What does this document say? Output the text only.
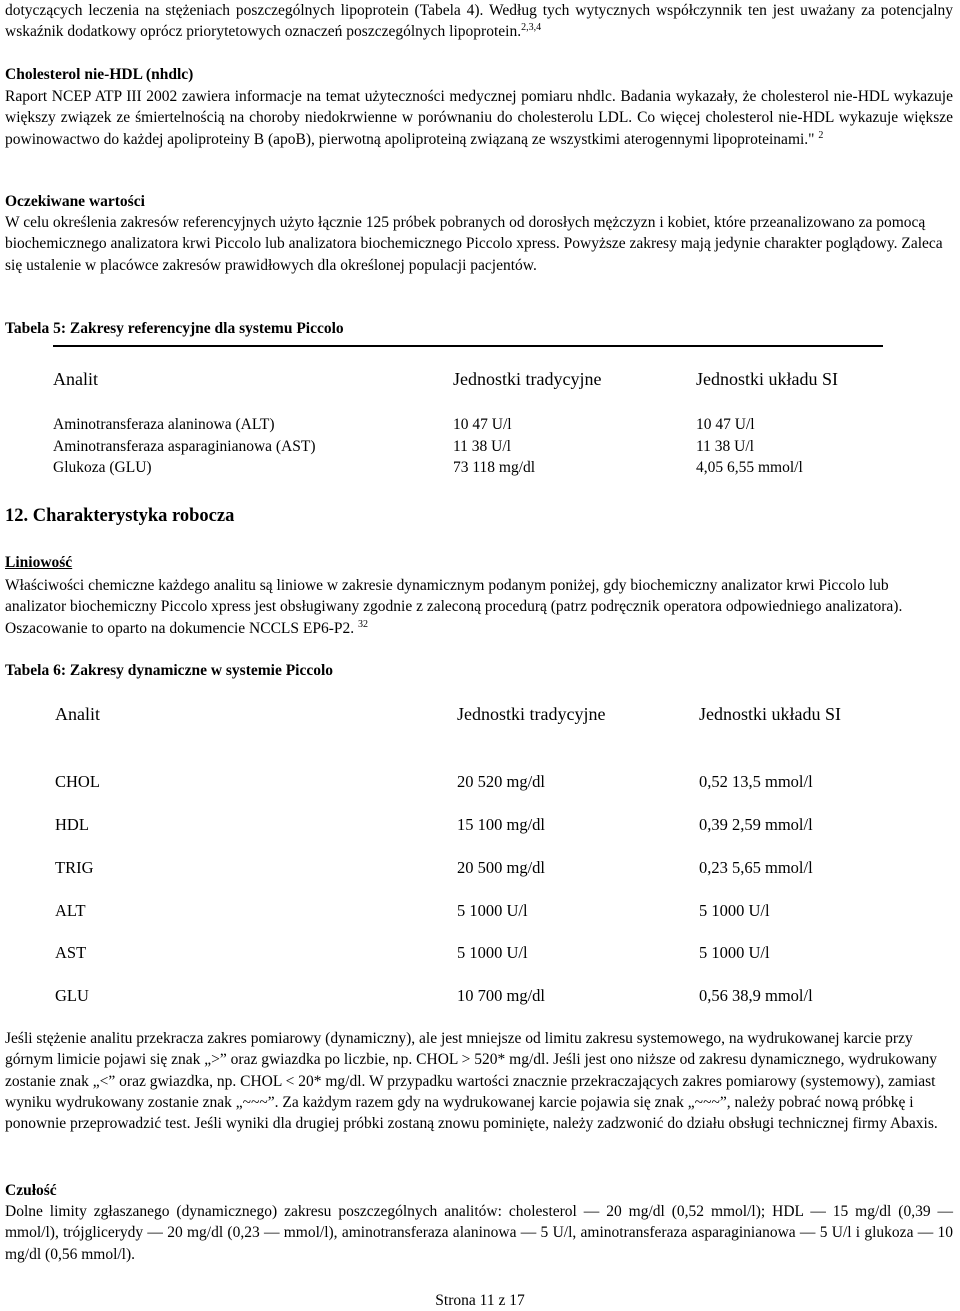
dotyczących leczenia na stężeniach poszczególnych lipoprotein (Tabela 4). Według tych wytycznych współczynnik ten jest uważany za potencjalny wskaźnik dodatkowy oprócz priorytetowych oznaczeń poszczególnych lipoprotein.$^{2,3,4}$

Cholesterol nie-HDL (nhdlc)

Raport NCEP ATP III 2002 zawiera informacje na temat użyteczności medycznej pomiaru nhdlc. Badania wykazały, że cholesterol nie-HDL wykazuje większy związek ze śmiertelnością na choroby niedokrwienne w porównaniu do cholesterolu LDL. Co więcej cholesterol nie-HDL wykazuje większe powinowactwo do każdej apoliproteiny B (apoB), pierwotną apoliproteiną związaną ze wszystkimi aterogennymi lipoproteinami." $^2$

Oczekiwane wartości

W celu określenia zakresów referencyjnych użyto łącznie 125 próbek pobranych od dorosłych mężczyzn i kobiet, które przeanalizowano za pomocą biochemicznego analizatora krwi Piccolo lub analizatora biochemicznego Piccolo xpress. Powyższe zakresy mają jedynie charakter poglądowy. Zaleca się ustalenie w placówce zakresów prawidłowych dla określonej populacji pacjentów.

Tabela 5: Zakresy referencyjne dla systemu Piccolo

Analit	Jednostki tradycyjne	Jednostki układu SI
Aminotransferaza alaninowa (ALT)	10 47 U/l	10 47 U/l
Aminotransferaza asparaginianowa (AST)	11 38 U/l	11 38 U/l
Glukoza (GLU)	73 118 mg/dl	4,05 6,55 mmol/l

12. Charakterystyka robocza

Liniowość

Właściwości chemiczne każdego analitu są liniowe w zakresie dynamicznym podanym poniżej, gdy biochemiczny analizator krwi Piccolo lub analizator biochemiczny Piccolo xpress jest obsługiwany zgodnie z zaleconą procedurą (patrz podręcznik operatora odpowiedniego analizatora). Oszacowanie to oparto na dokumencie NCCLS EP6-P2. $^{32}$

Tabela 6: Zakresy dynamiczne w systemie Piccolo

Analit	Jednostki tradycyjne	Jednostki układu SI
CHOL	20 520 mg/dl	0,52 13,5 mmol/l
HDL	15 100 mg/dl	0,39 2,59 mmol/l
TRIG	20 500 mg/dl	0,23 5,65 mmol/l
ALT	5 1000 U/l	5 1000 U/l
AST	5 1000 U/l	5 1000 U/l
GLU	10 700 mg/dl	0,56 38,9 mmol/l

Jeśli stężenie analitu przekracza zakres pomiarowy (dynamiczny), ale jest mniejsze od limitu zakresu systemowego, na wydrukowanej karcie przy górnym limicie pojawi się znak „>” oraz gwiazdka po liczbie, np. CHOL > 520* mg/dl. Jeśli jest ono niższe od zakresu dynamicznego, wydrukowany zostanie znak „<” oraz gwiazdka, np. CHOL < 20* mg/dl. W przypadku wartości znacznie przekraczających zakres pomiarowy (systemowy), zamiast wyniku wydrukowany zostanie znak „~~~”. Za każdym razem gdy na wydrukowanej karcie pojawia się znak „~~~”, należy pobrać nową próbkę i ponownie przeprowadzić test. Jeśli wyniki dla drugiej próbki zostaną znowu pominięte, należy zadzwonić do działu obsługi technicznej firmy Abaxis.

Czułość

Dolne limity zgłaszanego (dynamicznego) zakresu poszczególnych analitów: cholesterol — 20 mg/dl (0,52 mmol/l); HDL — 15 mg/dl (0,39 — mmol/l), trójglicerydy — 20 mg/dl (0,23 — mmol/l), aminotransferaza alaninowa — 5 U/l, aminotransferaza asparaginianowa — 5 U/l i glukoza — 10 mg/dl (0,56 mmol/l).

Strona 11 z 17
